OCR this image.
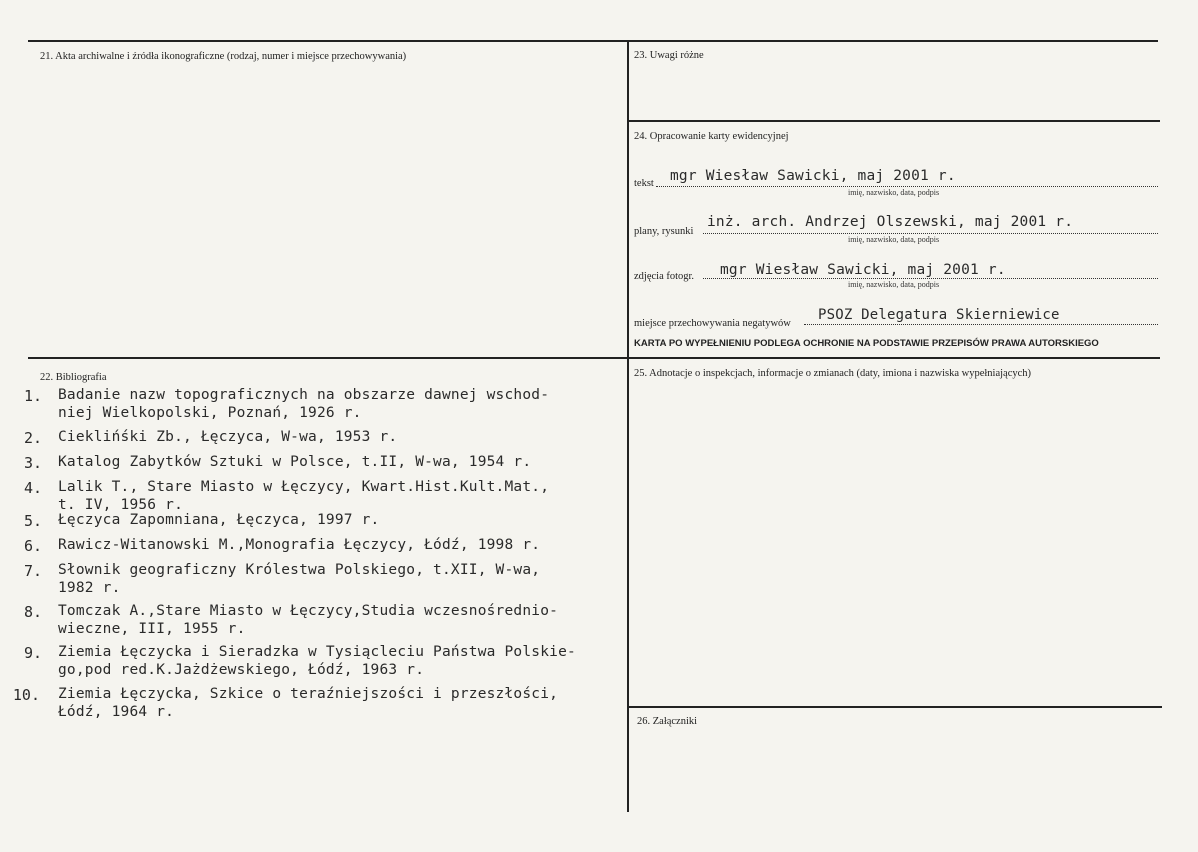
21. Akta archiwalne i źródła ikonograficzne (rodzaj, numer i miejsce przechowywania)	23. Uwagi różne
24. Opracowanie karty ewidencyjnej
22. Bibliografia	25. Adnotacje o inspekcjach, informacje o zmianach (daty, imiona i nazwiska wypełniających)
26. Załączniki
tekst mgr Wiesław Sawicki, maj 2001 r.
imię, nazwisko, data, podpis
plany, rysunki
inż. arch. Andrzej Olszewski, maj 2001 r.
imię, nazwisko, data, podpis
zdjęcia fotogr. mgr Wiesław Sawicki, maj 2001 r.
imię, nazwisko, data, podpis
miejsce przechowywania negatywów
PSOZ Delegatura Skierniewice
KARTA PO WYPEŁNIENIU PODLEGA OCHRONIE NA PODSTAWIE PRZEPISÓW PRAWA AUTORSKIEGO
1. Badanie nazw topograficznych na obszarze dawnej wschod-
niej Wielkopolski, Poznań, 1926 r.
2. Cieklińśki Zb., Łęczyca, W-wa, 1953 r.
3. Katalog Zabytków Sztuki w Polsce, t.II, W-wa, 1954 r.
4. Lalik T., Stare Miasto w Łęczycy, Kwart.Hist.Kult.Mat.,
t. IV, 1956 r.
5. Łęczyca Zapomniana, Łęczyca, 1997 r.
6. Rawicz-Witanowski M.,Monografia Łęczycy, Łódź, 1998 r.
7. Słownik geograficzny Królestwa Polskiego, t.XII, W-wa,
1982 r.
8. Tomczak A.,Stare Miasto w Łęczycy,Studia wczesnośrednio-
wieczne, III, 1955 r.
9. Ziemia Łęczycka i Sieradzka w Tysiącleciu Państwa Polskie-
go,pod red.K.Jażdżewskiego, Łódź, 1963 r.
10. Ziemia Łęczycka, Szkice o teraźniejszości i przeszłości,
Łódź, 1964 r.
